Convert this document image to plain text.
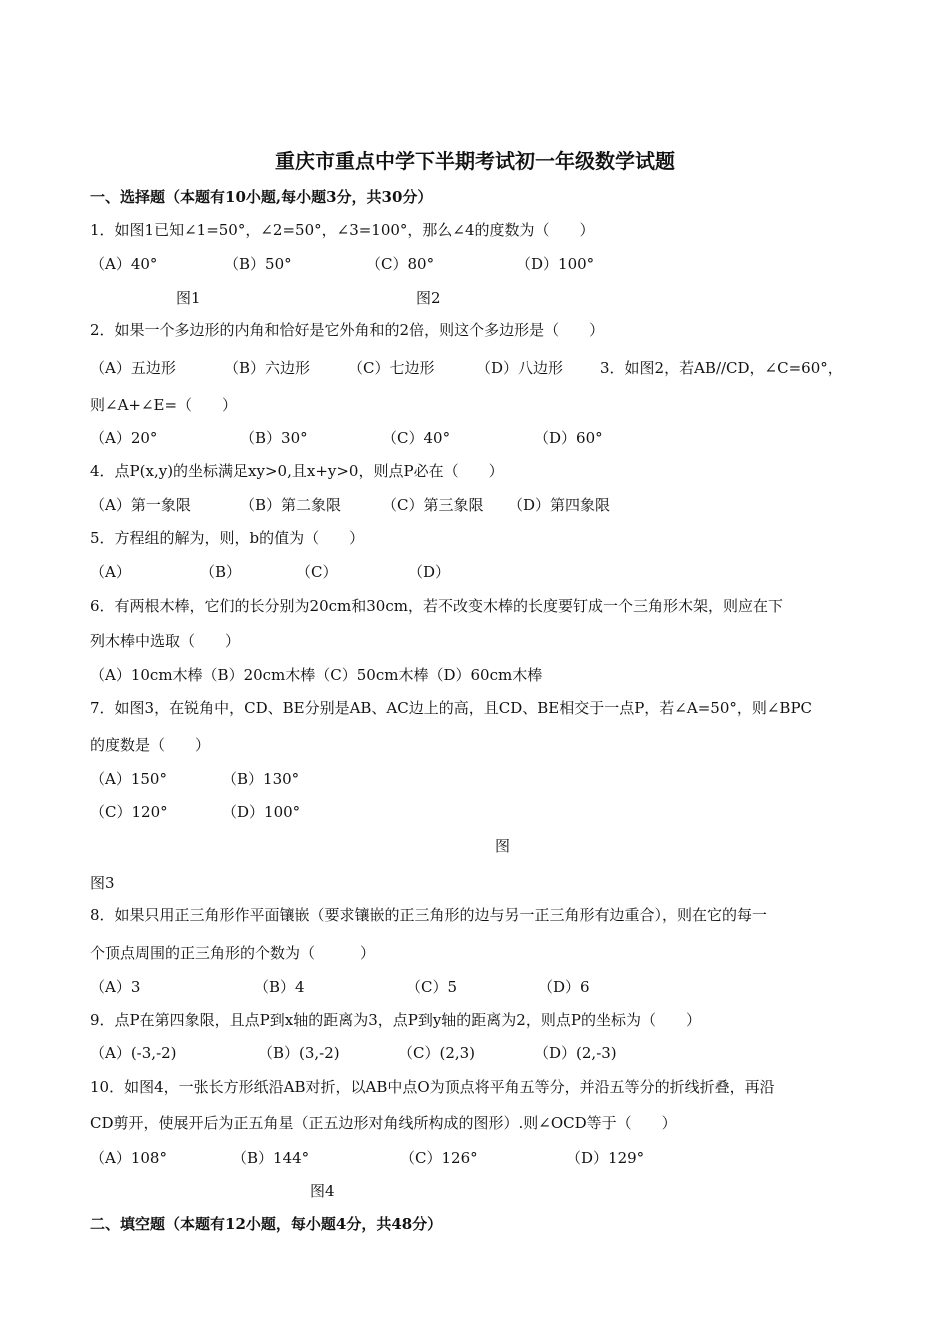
重庆市重点中学下半期考试初一年级数学试题
一、选择题（本题有10小题,每小题3分，共30分）
1．如图1已知∠1=50°，∠2=50°，∠3=100°，那么∠4的度数为（　　）
（A）40°	（B）50°	（C）80°	（D）100°
图1	图2
2．如果一个多边形的内角和恰好是它外角和的2倍，则这个多边形是（　　）
（A）五边形	（B）六边形	（C）七边形	（D）八边形 3．如图2，若AB//CD，∠C=60°，
则∠A+∠E=（　　）
（A）20°	（B）30°	（C）40°	（D）60°
4．点P(x,y)的坐标满足xy>0,且x+y>0，则点P必在（　　）
（A）第一象限	（B）第二象限	（C）第三象限 （D）第四象限
5．方程组的解为，则，b的值为（　　）
（A）	（B）	（C）	（D）
6．有两根木棒，它们的长分别为20cm和30cm，若不改变木棒的长度要钉成一个三角形木架，则应在下
列木棒中选取（　　）
（A）10cm木棒（B）20cm木棒（C）50cm木棒（D）60cm木棒
7．如图3，在锐角中，CD、BE分别是AB、AC边上的高，且CD、BE相交于一点P，若∠A=50°，则∠BPC
的度数是（　　）
（A）150°	（B）130°
（C）120°	（D）100°
图
图3
8．如果只用正三角形作平面镶嵌（要求镶嵌的正三角形的边与另一正三角形有边重合），则在它的每一
个顶点周围的正三角形的个数为（　　　）
（A）3	（B）4	（C）5	（D）6
9．点P在第四象限，且点P到x轴的距离为3，点P到y轴的距离为2，则点P的坐标为（　　）
（A）(-3,-2)	（B）(3,-2)	（C）(2,3)	（D）(2,-3)
10．如图4，一张长方形纸沿AB对折，以AB中点O为顶点将平角五等分，并沿五等分的折线折叠，再沿
CD剪开，使展开后为正五角星（正五边形对角线所构成的图形）.则∠OCD等于（　　）
（A）108°	（B）144°	（C）126°	（D）129°
图4
二、填空题（本题有12小题，每小题4分，共48分）
